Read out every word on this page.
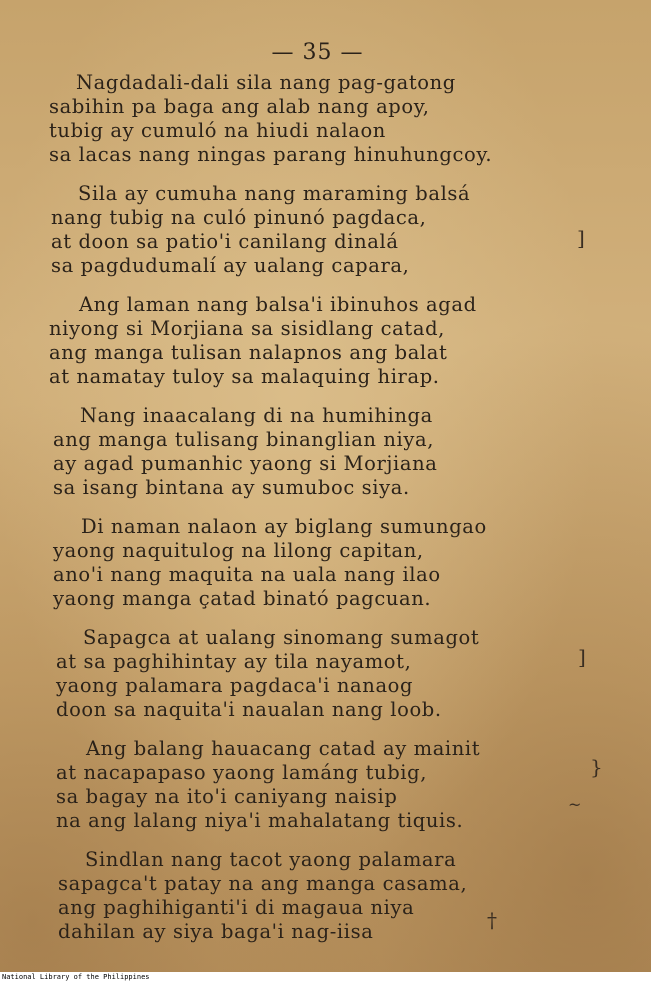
— 35 —
Nagdadali-dali sila nang pag-gatong
sabihin pa baga ang alab nang apoy,
tubig ay cumuló na hiudi nalaon
sa lacas nang ningas parang hinuhungcoy.
Sila ay cumuha nang maraming balsá
nang tubig na culó pinunó pagdaca,
at doon sa patio'i canilang dinalá
sa pagdudumalí ay ualang capara,
Ang laman nang balsa'i ibinuhos agad
niyong si Morjiana sa sisidlang catad,
ang manga tulisan nalapnos ang balat
at namatay tuloy sa malaquing hirap.
Nang inaacalang di na humihinga
ang manga tulisang binanglian niya,
ay agad pumanhic yaong si Morjiana
sa isang bintana ay sumuboc siya.
Di naman nalaon ay biglang sumungao
yaong naquitulog na lilong capitan,
ano'i nang maquita na uala nang ilao
yaong manga çatad binató pagcuan.
Sapagca at ualang sinomang sumagot
at sa paghihintay ay tila nayamot,
yaong palamara pagdaca'i nanaog
doon sa naquita'i naualan nang loob.
Ang balang hauacang catad ay mainit
at nacapapaso yaong lamáng tubig,
sa bagay na ito'i caniyang naisip
na ang lalang niya'i mahalatang tiquis.
Sindlan nang tacot yaong palamara
sapagca't patay na ang manga casama,
ang paghihiganti'i di magaua niya
dahilan ay siya baga'i nag-iisa
]
]
}
~
†
National Library of the Philippines
